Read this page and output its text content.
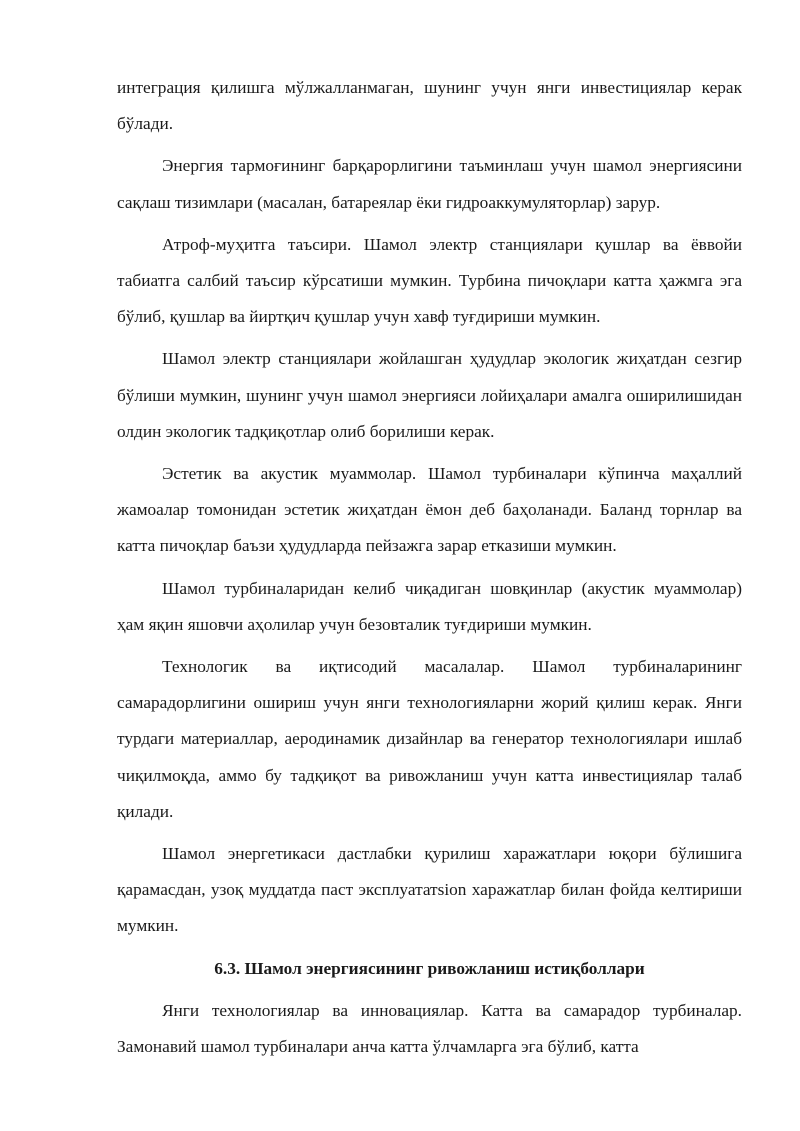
интеграция қилишга мўлжалланмаган, шунинг учун янги инвестициялар керак бўлади.

Энергия тармоғининг барқарорлигини таъминлаш учун шамол энергиясини сақлаш тизимлари (масалан, батареялар ёки гидроаккумуляторлар) зарур.

Атроф-муҳитга таъсири. Шамол электр станциялари қушлар ва ёввойи табиатга салбий таъсир кўрсатиши мумкин. Турбина пичоқлари катта ҳажмга эга бўлиб, қушлар ва йиртқич қушлар учун хавф туғдириши мумкин.

Шамол электр станциялари жойлашган ҳудудлар экологик жиҳатдан сезгир бўлиши мумкин, шунинг учун шамол энергияси лойиҳалари амалга оширилишидан олдин экологик тадқиқотлар олиб борилиши керак.

Эстетик ва акустик муаммолар. Шамол турбиналари кўпинча маҳаллий жамоалар томонидан эстетик жиҳатдан ёмон деб баҳоланади. Баланд торнлар ва катта пичоқлар баъзи ҳудудларда пейзажга зарар етказиши мумкин.

Шамол турбиналаридан келиб чиқадиган шовқинлар (акустик муаммолар) ҳам яқин яшовчи аҳолилар учун безовталик туғдириши мумкин.

Технологик ва иқтисодий масалалар. Шамол турбиналарининг самарадорлигини ошириш учун янги технологияларни жорий қилиш керак. Янги турдаги материаллар, аеродинамик дизайнлар ва генератор технологиялари ишлаб чиқилмоқда, аммо бу тадқиқот ва ривожланиш учун катта инвестициялар талаб қилади.

Шамол энергетикаси дастлабки қурилиш харажатлари юқори бўлишига қарамасдан, узоқ муддатда паст эксплуататsіon харажатлар билан фойда келтириши мумкин.

6.3. Шамол энергиясининг ривожланиш истиқболлари

Янги технологиялар ва инновациялар. Катта ва самарадор турбиналар. Замонавий шамол турбиналари анча катта ўлчамларга эга бўлиб, катта
